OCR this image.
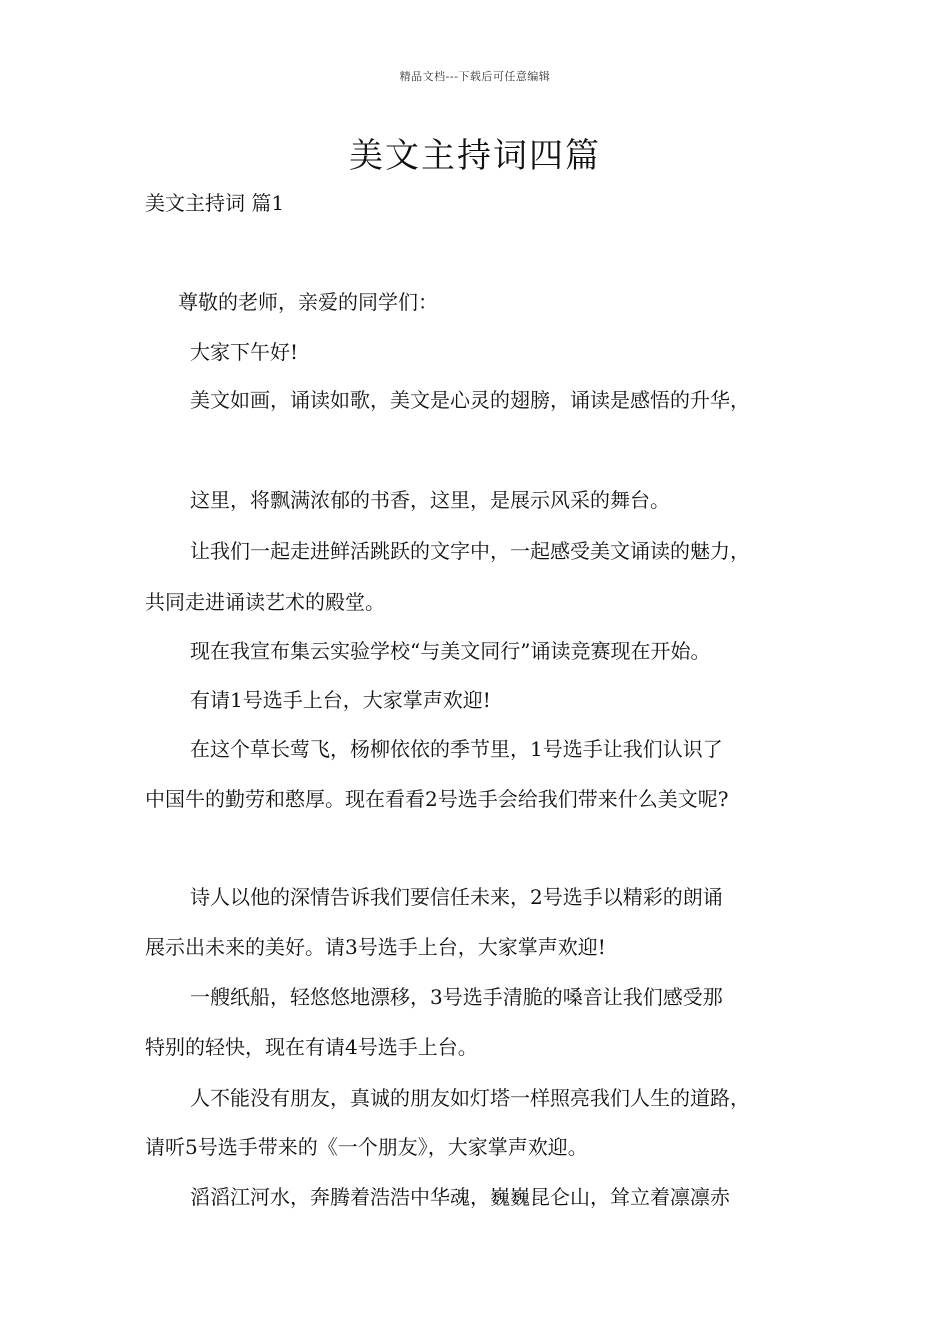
精品文档---下载后可任意编辑
美文主持词四篇
美文主持词 篇1

尊敬的老师，亲爱的同学们：

大家下午好!

美文如画，诵读如歌，美文是心灵的翅膀，诵读是感悟的升华，

这里，将飘满浓郁的书香，这里，是展示风采的舞台。

让我们一起走进鲜活跳跃的文字中，一起感受美文诵读的魅力，

共同走进诵读艺术的殿堂。

现在我宣布集云实验学校“与美文同行”诵读竞赛现在开始。

有请1号选手上台，大家掌声欢迎!

在这个草长莺飞，杨柳依依的季节里，1号选手让我们认识了

中国牛的勤劳和憨厚。现在看看2号选手会给我们带来什么美文呢?

诗人以他的深情告诉我们要信任未来，2号选手以精彩的朗诵

展示出未来的美好。请3号选手上台，大家掌声欢迎!

一艘纸船，轻悠悠地漂移，3号选手清脆的嗓音让我们感受那

特别的轻快，现在有请4号选手上台。

人不能没有朋友，真诚的朋友如灯塔一样照亮我们人生的道路，

请听5号选手带来的《一个朋友》，大家掌声欢迎。

滔滔江河水，奔腾着浩浩中华魂，巍巍昆仑山，耸立着凛凛赤
